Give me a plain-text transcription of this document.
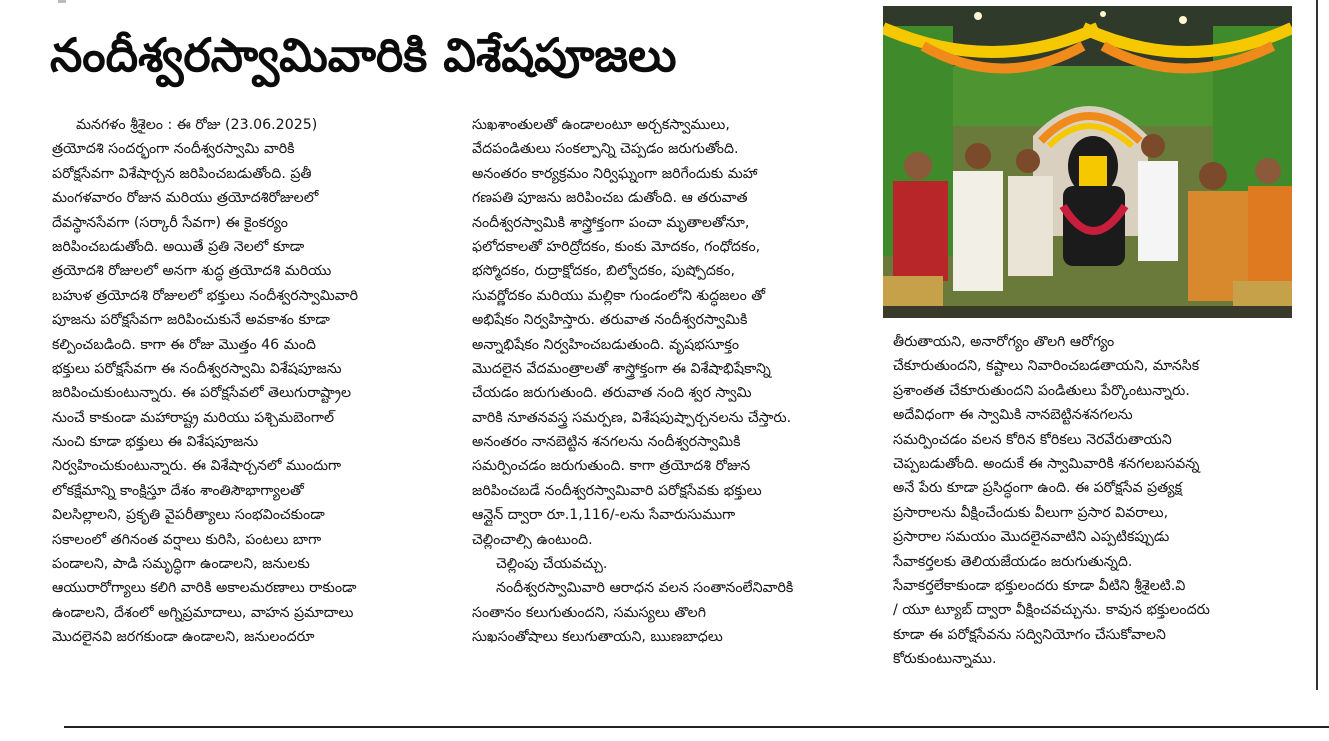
నందీశ్వరస్వామివారికి విశేషపూజలు
మనగళం శ్రీశైలం : ఈ రోజు (23.06.2025)
త్రయోదశి సందర్భంగా నందీశ్వరస్వామి వారికి
పరోక్షసేవగా విశేషార్చన జరిపించబడుతోంది. ప్రతీ
మంగళవారం రోజున మరియు త్రయోదశిరోజులలో
దేవస్థానసేవగా (సర్కారీ సేవగా) ఈ కైంకర్యం
జరిపించబడుతోంది. అయితే ప్రతి నెలలో కూడా
త్రయోదశి రోజులలో అనగా శుద్ధ త్రయోదశి మరియు
బహుళ త్రయోదశి రోజులలో భక్తులు నందీశ్వరస్వామివారి
పూజను పరోక్షసేవగా జరిపించుకునే అవకాశం కూడా
కల్పించబడింది. కాగా ఈ రోజు మొత్తం 46 మంది
భక్తులు పరోక్షసేవగా ఈ నందీశ్వరస్వామి విశేషపూజను
జరిపించుకుంటున్నారు. ఈ పరోక్షసేవలో తెలుగురాష్ట్రాల
నుంచే కాకుండా మహారాష్ట్ర మరియు పశ్చిమబెంగాల్
నుంచి కూడా భక్తులు ఈ విశేషపూజను
నిర్వహించుకుంటున్నారు. ఈ విశేషార్చనలో ముందుగా
లోకక్షేమాన్ని కాంక్షిస్తూ దేశం శాంతిసౌభాగ్యాలతో
విలసిల్లాలని, ప్రకృతి వైపరీత్యాలు సంభవించకుండా
సకాలంలో తగినంత వర్షాలు కురిసి, పంటలు బాగా
పండాలని, పాడి సమృద్ధిగా ఉండాలని, జనులకు
ఆయురారోగ్యాలు కలిగి వారికి అకాలమరణాలు రాకుండా
ఉండాలని, దేశంలో అగ్నిప్రమాదాలు, వాహన ప్రమాదాలు
మొదలైనవి జరగకుండా ఉండాలని, జనులందరూ
సుఖశాంతులతో ఉండాలంటూ అర్చకస్వాములు,
వేదపండితులు సంకల్పాన్ని చెప్పడం జరుగుతోంది.
అనంతరం కార్యక్రమం నిర్విఘ్నంగా జరిగేందుకు మహా
గణపతి పూజను జరిపించబ డుతోంది. ఆ తరువాత
నందీశ్వరస్వామికి శాస్త్రోక్తంగా పంచా మృతాలతోనూ,
ఫలోదకాలతో హరిద్రోదకం, కుంకు మోదకం, గంధోదకం,
భస్మోదకం, రుద్రాక్షోదకం, బిల్వోదకం, పుష్పోదకం,
సువర్ణోదకం మరియు మల్లికా గుండంలోని శుద్ధజలం తో
అభిషేకం నిర్వహిస్తారు. తరువాత నందీశ్వరస్వామికి
అన్నాభిషేకం నిర్వహించబడుతుంది. వృషభసూక్తం
మొదలైన వేదమంత్రాలతో శాస్త్రోక్తంగా ఈ విశేషాభిషేకాన్ని
చేయడం జరుగుతుంది. తరువాత నంది శ్వర స్వామి
వారికి నూతనవస్త్ర సమర్పణ, విశేషపుష్పార్చనలను చేస్తారు.
అనంతరం నానబెట్టిన శనగలను నందీశ్వరస్వామికి
సమర్పించడం జరుగుతుంది. కాగా త్రయోదశి రోజున
జరిపించబడే నందీశ్వరస్వామివారి పరోక్షసేవకు భక్తులు
ఆన్లైన్ ద్వారా రూ.1,116/-లను సేవారుసుముగా
చెల్లించాల్సి ఉంటుంది.
చెల్లింపు చేయవచ్చు.
నందీశ్వరస్వామివారి ఆరాధన వలన సంతానంలేనివారికి
సంతానం కలుగుతుందని, సమస్యలు తొలగి
సుఖసంతోషాలు కలుగుతాయని, ఋణబాధలు
తీరుతాయని, అనారోగ్యం తొలగి ఆరోగ్యం
చేకూరుతుందని, కష్టాలు నివారించబడతాయని, మానసిక
ప్రశాంతత చేకూరుతుందని పండితులు పేర్కొంటున్నారు.
అదేవిధంగా ఈ స్వామికి నానబెట్టినశనగలను
సమర్పించడం వలన కోరిన కోరికలు నెరవేరుతాయని
చెప్పబడుతోంది. అందుకే ఈ స్వామివారికి శనగలబసవన్న
అనే పేరు కూడా ప్రసిద్ధంగా ఉంది. ఈ పరోక్షసేవ ప్రత్యక్ష
ప్రసారాలను వీక్షించేందుకు వీలుగా ప్రసార వివరాలు,
ప్రసారాల సమయం మొదలైనవాటిని ఎప్పటికప్పుడు
సేవాకర్తలకు తెలియజేయడం జరుగుతున్నది.
సేవాకర్తలేకాకుండా భక్తులందరు కూడా వీటిని శ్రీశైలటి.వి
/ యూ ట్యూబ్ ద్వారా వీక్షించవచ్చును. కావున భక్తులందరు
కూడా ఈ పరోక్షసేవను సద్వినియోగం చేసుకోవాలని
కోరుకుంటున్నాము.
